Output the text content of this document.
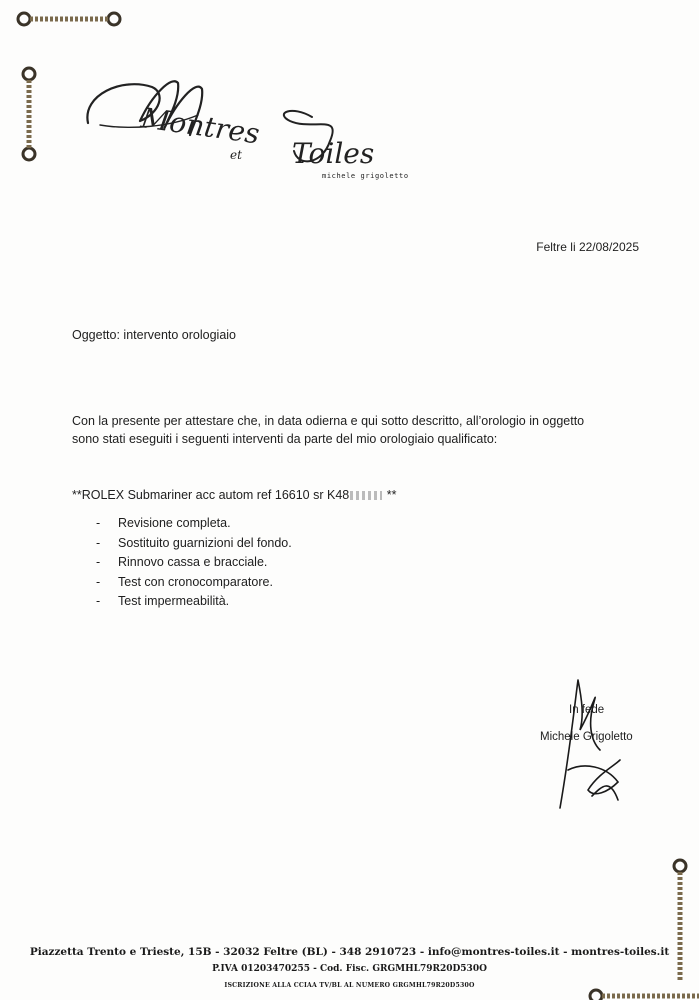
Montres
et Toiles
michele grigoletto
Feltre li 22/08/2025
Oggetto: intervento orologiaio
Con la presente per attestare che, in data odierna e qui sotto descritto, all’orologio in oggetto
sono stati eseguiti i seguenti interventi da parte del mio orologiaio qualificato:
**ROLEX Submariner acc autom ref 16610 sr K48	**
-	Revisione completa.
-	Sostituito guarnizioni del fondo.
-	Rinnovo cassa e bracciale.
-	Test con cronocomparatore.
-	Test impermeabilità.
In fede
Michele Grigoletto
Piazzetta Trento e Trieste, 15B - 32032 Feltre (BL) - 348 2910723 - info@montres-toiles.it - montres-toiles.it
P.IVA 01203470255 - Cod. Fisc. GRGMHL79R20D530O
ISCRIZIONE ALLA CCIAA TV/BL AL NUMERO GRGMHL79R20D530O
